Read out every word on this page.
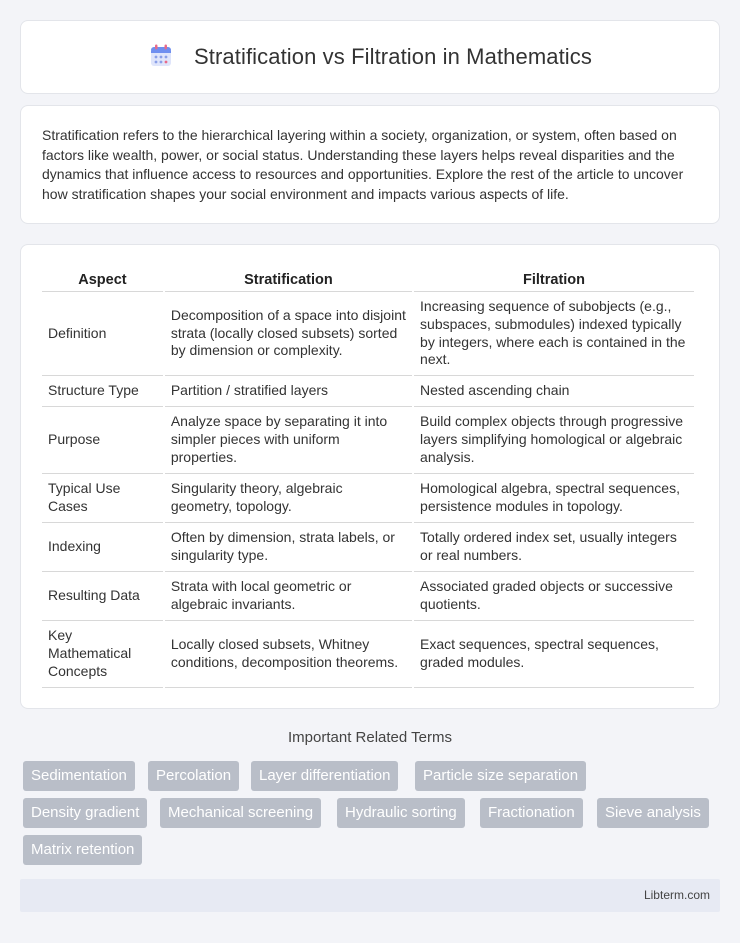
Stratification vs Filtration in Mathematics

Stratification refers to the hierarchical layering within a society, organization, or system, often based on factors like wealth, power, or social status. Understanding these layers helps reveal disparities and the dynamics that influence access to resources and opportunities. Explore the rest of the article to uncover how stratification shapes your social environment and impacts various aspects of life.

Aspect	Stratification	Filtration
Definition	Decomposition of a space into disjoint strata (locally closed subsets) sorted by dimension or complexity.	Increasing sequence of subobjects (e.g., subspaces, submodules) indexed typically by integers, where each is contained in the next.
Structure Type	Partition / stratified layers	Nested ascending chain
Purpose	Analyze space by separating it into simpler pieces with uniform properties.	Build complex objects through progressive layers simplifying homological or algebraic analysis.
Typical Use Cases	Singularity theory, algebraic geometry, topology.	Homological algebra, spectral sequences, persistence modules in topology.
Indexing	Often by dimension, strata labels, or singularity type.	Totally ordered index set, usually integers or real numbers.
Resulting Data	Strata with local geometric or algebraic invariants.	Associated graded objects or successive quotients.
Key Mathematical Concepts	Locally closed subsets, Whitney conditions, decomposition theorems.	Exact sequences, spectral sequences, graded modules.
Important Related Terms
Sedimentation	Percolation	Layer differentiation	Particle size separation
Density gradient	Mechanical screening	Hydraulic sorting	Fractionation	Sieve analysis
Matrix retention
Libterm.com
